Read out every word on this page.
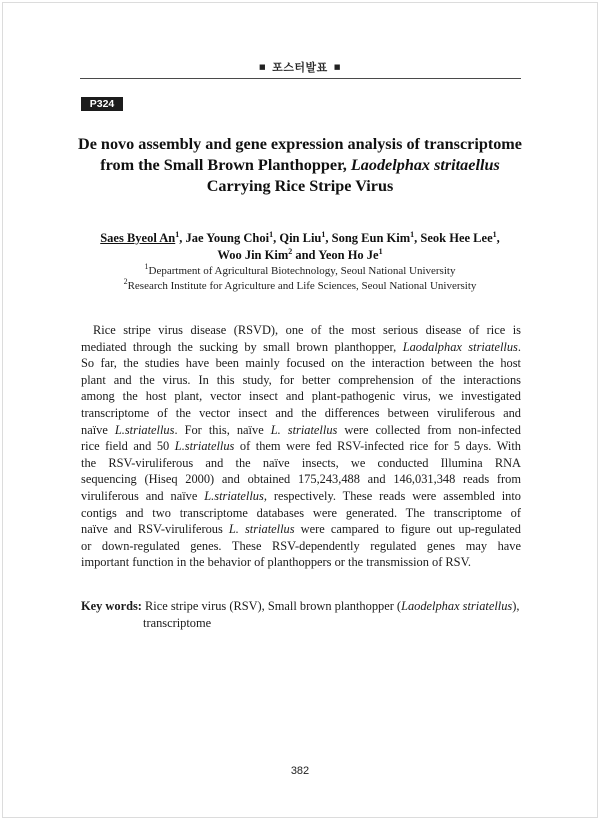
■ 포스터발표 ■
P324
De novo assembly and gene expression analysis of transcriptome
from the Small Brown Planthopper, Laodelphax stritaellus
Carrying Rice Stripe Virus
Saes Byeol An$^1$, Jae Young Choi$^1$, Qin Liu$^1$, Song Eun Kim$^1$, Seok Hee Lee$^1$,
Woo Jin Kim$^2$ and Yeon Ho Je$^1$
$^1$Department of Agricultural Biotechnology, Seoul National University
$^2$Research Institute for Agriculture and Life Sciences, Seoul National University
Rice stripe virus disease (RSVD), one of the most serious disease of rice is
mediated through the sucking by small brown planthopper, Laodalphax striatellus.
So far, the studies have been mainly focused on the interaction between the host
plant and the virus. In this study, for better comprehension of the interactions
among the host plant, vector insect and plant-pathogenic virus, we investigated
transcriptome of the vector insect and the differences between viruliferous and
naïve L.striatellus. For this, naïve L. striatellus were collected from non-infected
rice field and 50 L.striatellus of them were fed RSV-infected rice for 5 days. With
the RSV-viruliferous and the naïve insects, we conducted Illumina RNA
sequencing (Hiseq 2000) and obtained 175,243,488 and 146,031,348 reads from
viruliferous and naïve L.striatellus, respectively. These reads were assembled into
contigs and two transcriptome databases were generated. The transcriptome of
naïve and RSV-viruliferous L. striatellus were campared to figure out up-regulated
or down-regulated genes. These RSV-dependently regulated genes may have
important function in the behavior of planthoppers or the transmission of RSV.
Key words: Rice stripe virus (RSV), Small brown planthopper (Laodelphax striatellus),
transcriptome
382
